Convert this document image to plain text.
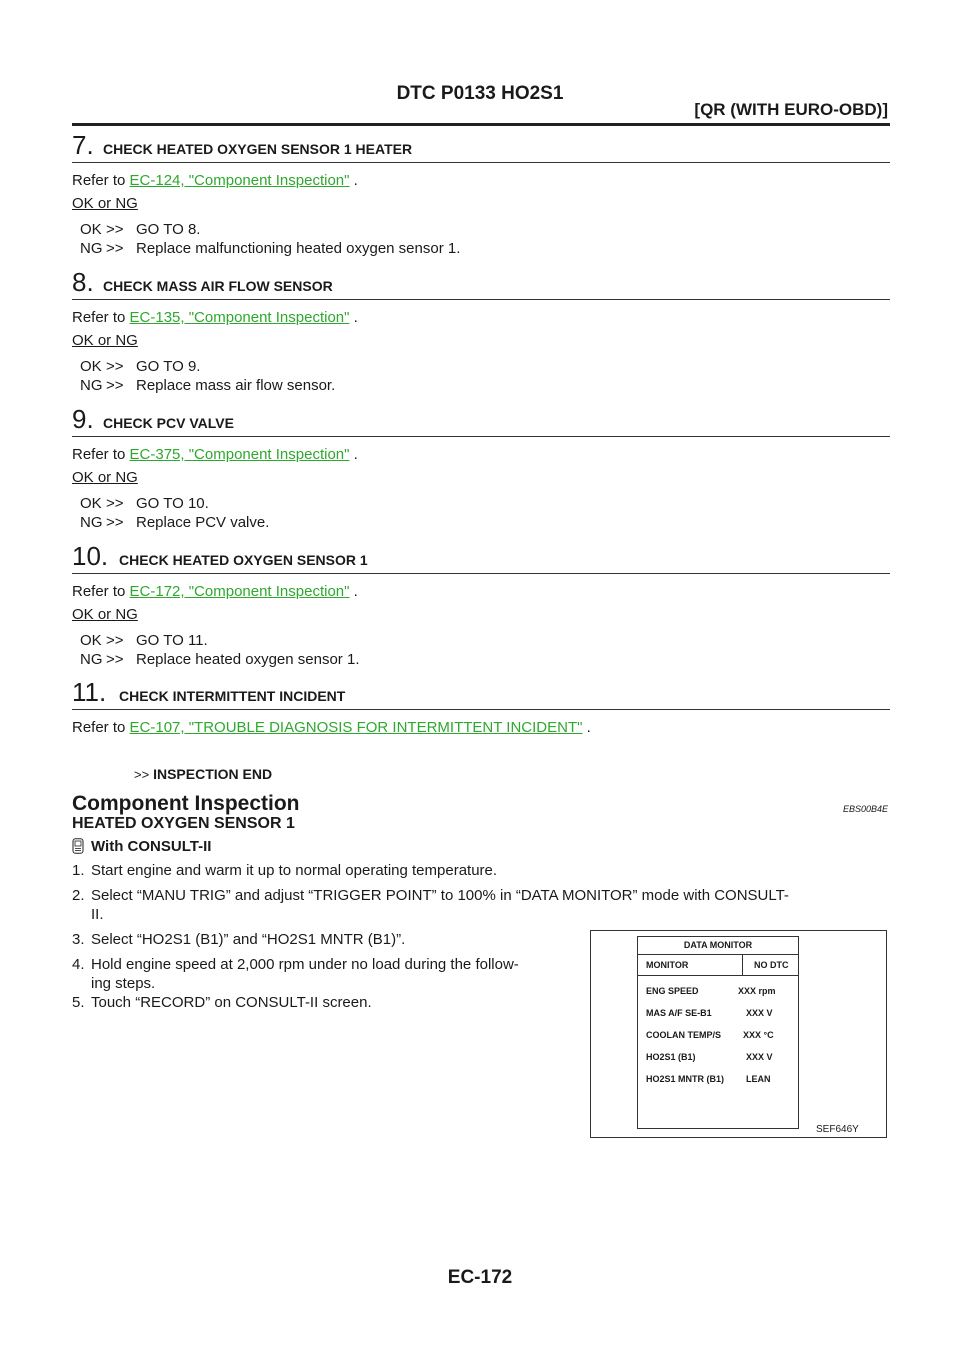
DTC P0133 HO2S1
[QR (WITH EURO-OBD)]
7. CHECK HEATED OXYGEN SENSOR 1 HEATER
Refer to EC-124, "Component Inspection" .
OK or NG
OK >> GO TO 8.
NG >> Replace malfunctioning heated oxygen sensor 1.
8. CHECK MASS AIR FLOW SENSOR
Refer to EC-135, "Component Inspection" .
OK or NG
OK >> GO TO 9.
NG >> Replace mass air flow sensor.
9. CHECK PCV VALVE
Refer to EC-375, "Component Inspection" .
OK or NG
OK >> GO TO 10.
NG >> Replace PCV valve.
10. CHECK HEATED OXYGEN SENSOR 1
Refer to EC-172, "Component Inspection" .
OK or NG
OK >> GO TO 11.
NG >> Replace heated oxygen sensor 1.
11. CHECK INTERMITTENT INCIDENT
Refer to EC-107, "TROUBLE DIAGNOSIS FOR INTERMITTENT INCIDENT" .
>> INSPECTION END
Component Inspection	EBS00B4E
HEATED OXYGEN SENSOR 1
With CONSULT-II
1. Start engine and warm it up to normal operating temperature.
2. Select “MANU TRIG” and adjust “TRIGGER POINT” to 100% in “DATA MONITOR” mode with CONSULT-
II.
3. Select “HO2S1 (B1)” and “HO2S1 MNTR (B1)”.
4. Hold engine speed at 2,000 rpm under no load during the follow-
ing steps.
5. Touch “RECORD” on CONSULT-II screen.
DATA MONITOR
MONITOR	NO DTC
ENG SPEED	XXX rpm
MAS A/F SE-B1	XXX V
COOLAN TEMP/S XXX °C
HO2S1 (B1)	XXX V
HO2S1 MNTR (B1) LEAN
SEF646Y
EC-172
